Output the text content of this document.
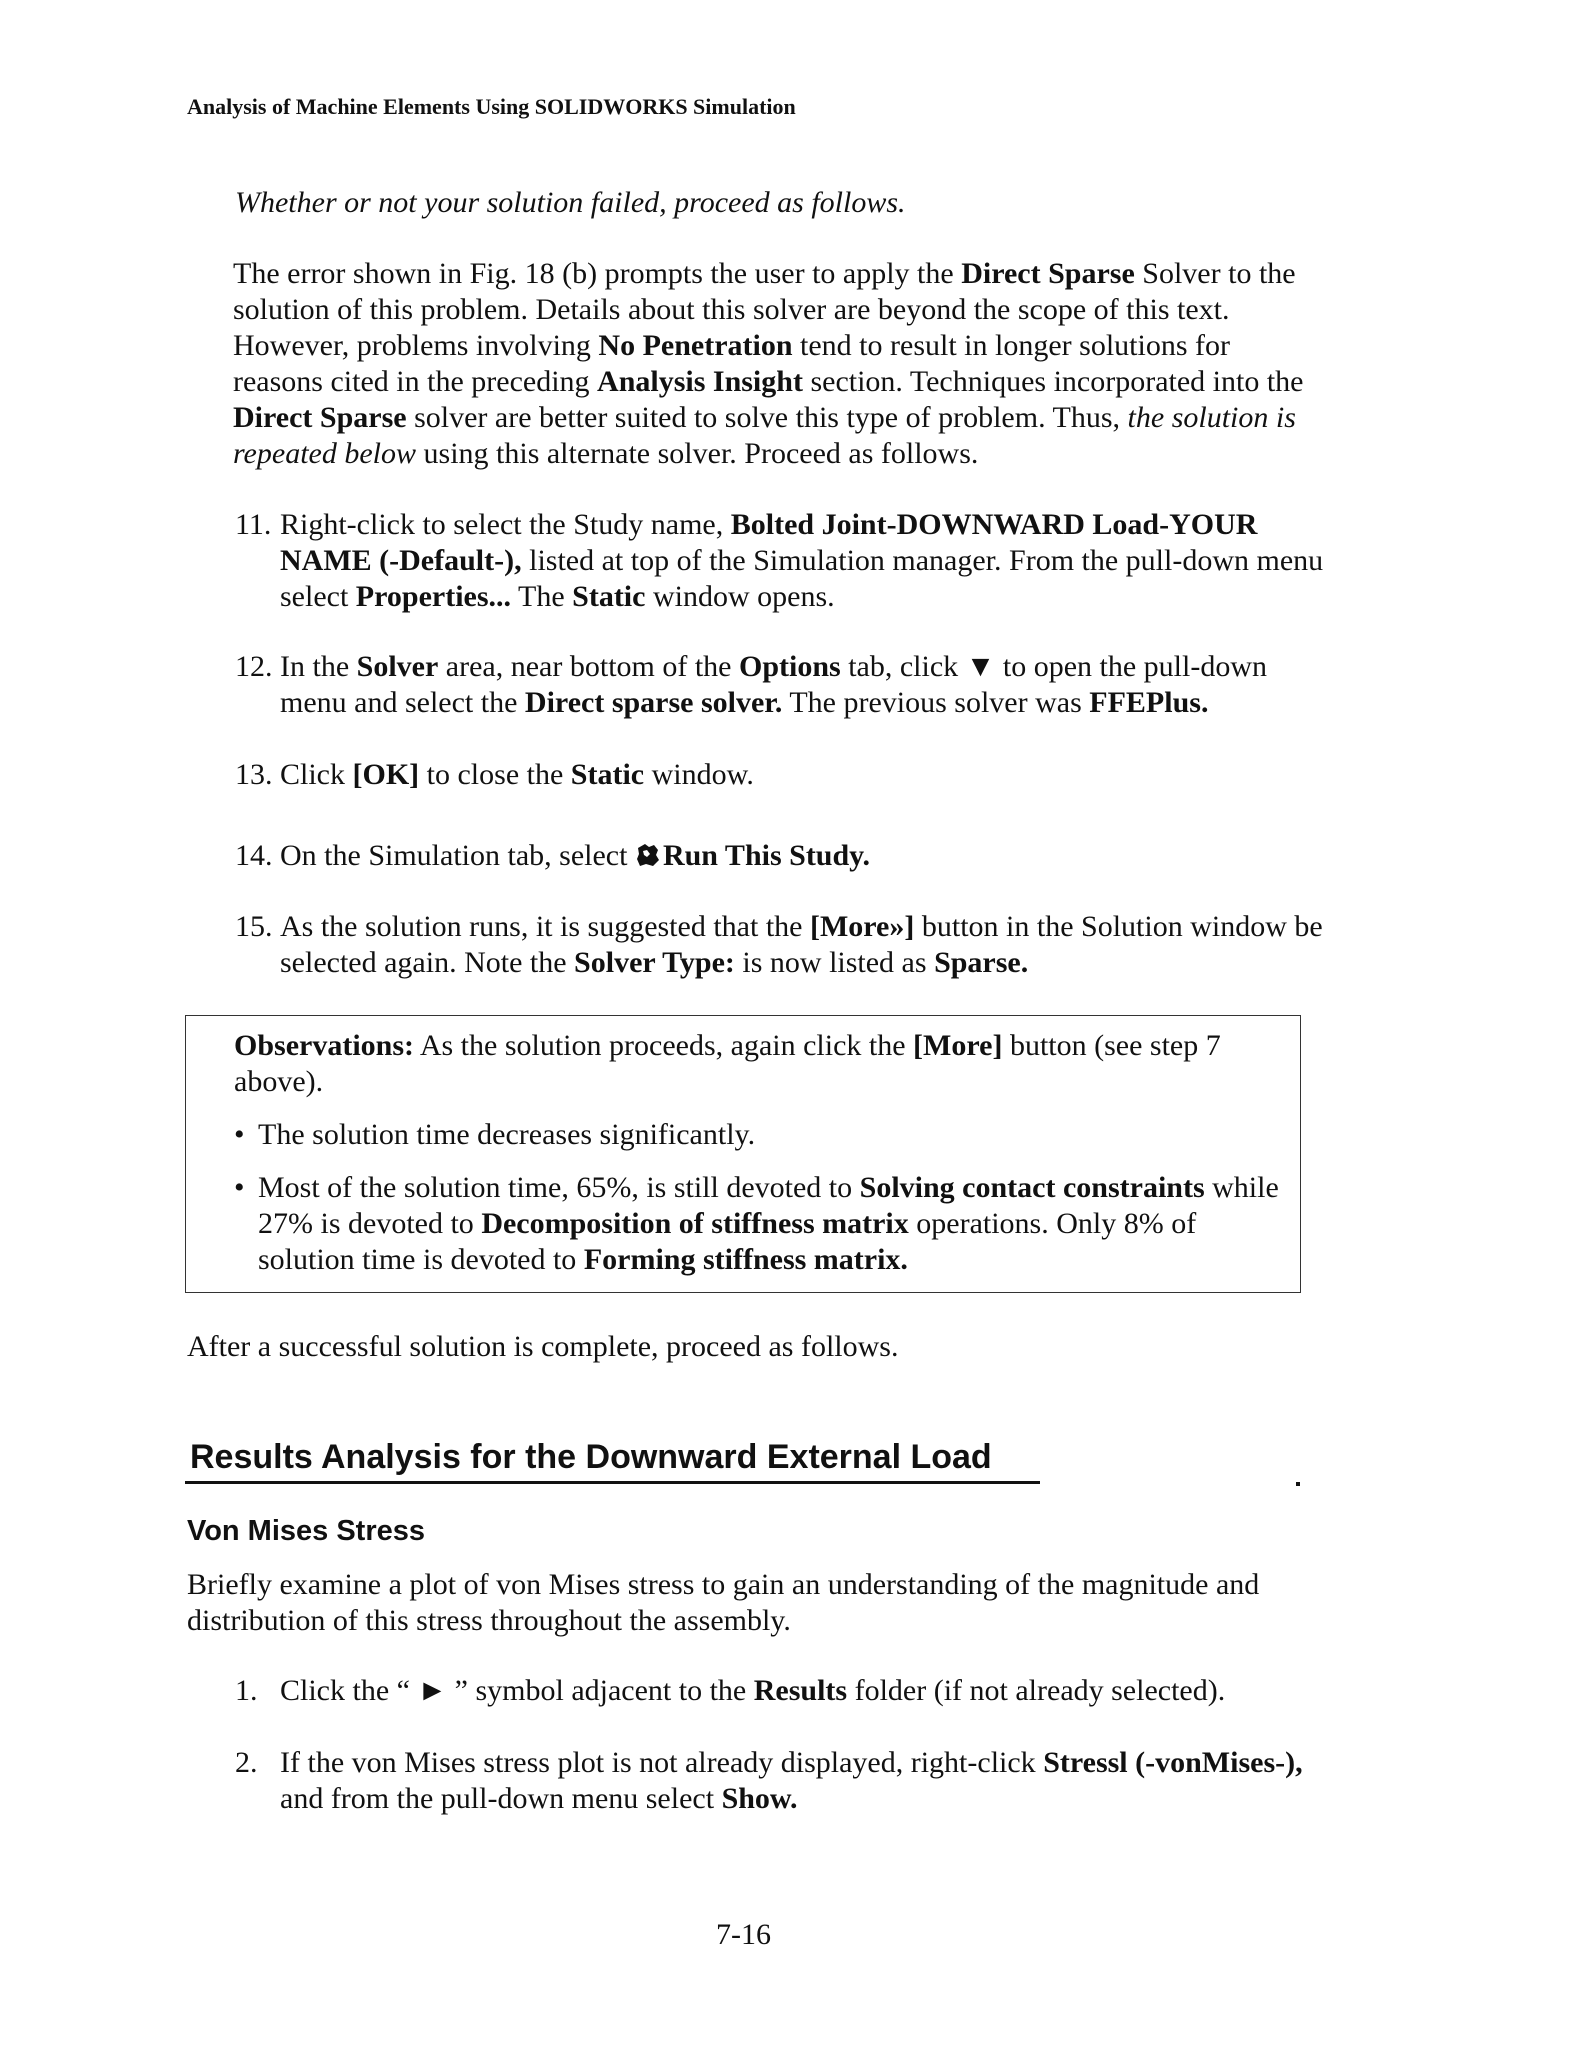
Analysis of Machine Elements Using SOLIDWORKS Simulation
Whether or not your solution failed, proceed as follows.
The error shown in Fig. 18 (b) prompts the user to apply the Direct Sparse Solver to the solution of this problem. Details about this solver are beyond the scope of this text. However, problems involving No Penetration tend to result in longer solutions for reasons cited in the preceding Analysis Insight section. Techniques incorporated into the Direct Sparse solver are better suited to solve this type of problem. Thus, the solution is repeated below using this alternate solver. Proceed as follows.
11. Right-click to select the Study name, Bolted Joint-DOWNWARD Load-YOUR NAME (-Default-), listed at top of the Simulation manager. From the pull-down menu select Properties... The Static window opens.
12. In the Solver area, near bottom of the Options tab, click ▼ to open the pull-down menu and select the Direct sparse solver. The previous solver was FFEPlus.
13. Click [OK] to close the Static window.
14. On the Simulation tab, select Run This Study.
15. As the solution runs, it is suggested that the [More»] button in the Solution window be selected again. Note the Solver Type: is now listed as Sparse.
Observations: As the solution proceeds, again click the [More] button (see step 7 above).
• The solution time decreases significantly.
• Most of the solution time, 65%, is still devoted to Solving contact constraints while 27% is devoted to Decomposition of stiffness matrix operations. Only 8% of solution time is devoted to Forming stiffness matrix.
After a successful solution is complete, proceed as follows.
Results Analysis for the Downward External Load
Von Mises Stress
Briefly examine a plot of von Mises stress to gain an understanding of the magnitude and distribution of this stress throughout the assembly.
1. Click the “ ► ” symbol adjacent to the Results folder (if not already selected).
2. If the von Mises stress plot is not already displayed, right-click Stressl (-vonMises-), and from the pull-down menu select Show.
7-16
